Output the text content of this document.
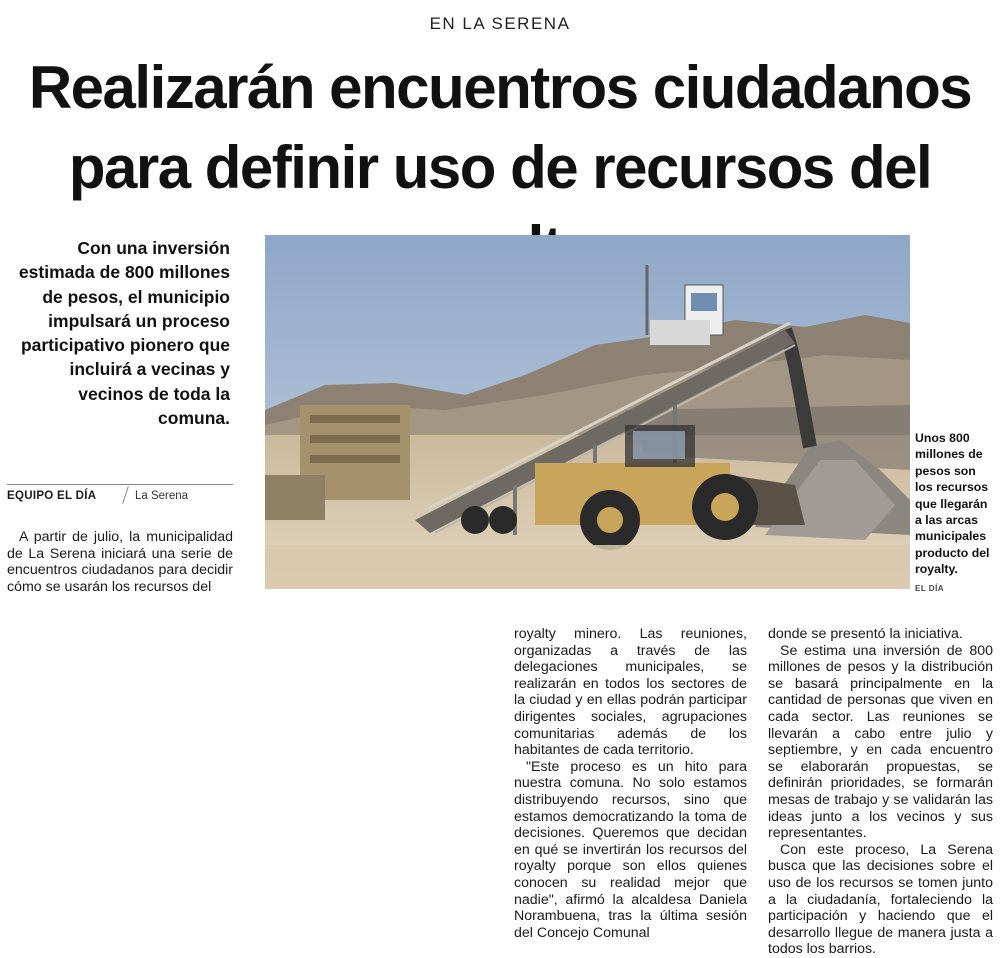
EN LA SERENA
Realizarán encuentros ciudadanos
para definir uso de recursos del
Con una inversión estimada de 800 millones de pesos, el municipio impulsará un proceso participativo pionero que incluirá a vecinas y vecinos de toda la comuna.
EQUIPO EL DÍA	La Serena

A partir de julio, la municipalidad de La Serena iniciará una serie de encuentros ciudadanos para decidir cómo se usarán los recursos del

royalty minero. Las reuniones, organizadas a través de las delegaciones municipales, se realizarán en todos los sectores de la ciudad y en ellas podrán participar dirigentes sociales, agrupaciones comunitarias además de los habitantes de cada territorio.

"Este proceso es un hito para nuestra comuna. No solo estamos distribuyendo recursos, sino que estamos democratizando la toma de decisiones. Queremos que decidan en qué se invertirán los recursos del royalty porque son ellos quienes conocen su realidad mejor que nadie", afirmó la alcaldesa Daniela Norambuena, tras la última sesión del Concejo Comunal

donde se presentó la iniciativa.

Se estima una inversión de 800 millones de pesos y la distribución se basará principalmente en la cantidad de personas que viven en cada sector. Las reuniones se llevarán a cabo entre julio y septiembre, y en cada encuentro se elaborarán propuestas, se definirán prioridades, se formarán mesas de trabajo y se validarán las ideas junto a los vecinos y sus representantes.

Con este proceso, La Serena busca que las decisiones sobre el uso de los recursos se tomen junto a la ciudadanía, fortaleciendo la participación y haciendo que el desarrollo llegue de manera justa a todos los barrios.

Unos 800 millones de pesos son los recursos que llegarán a las arcas municipales producto del royalty.
EL DÍA
